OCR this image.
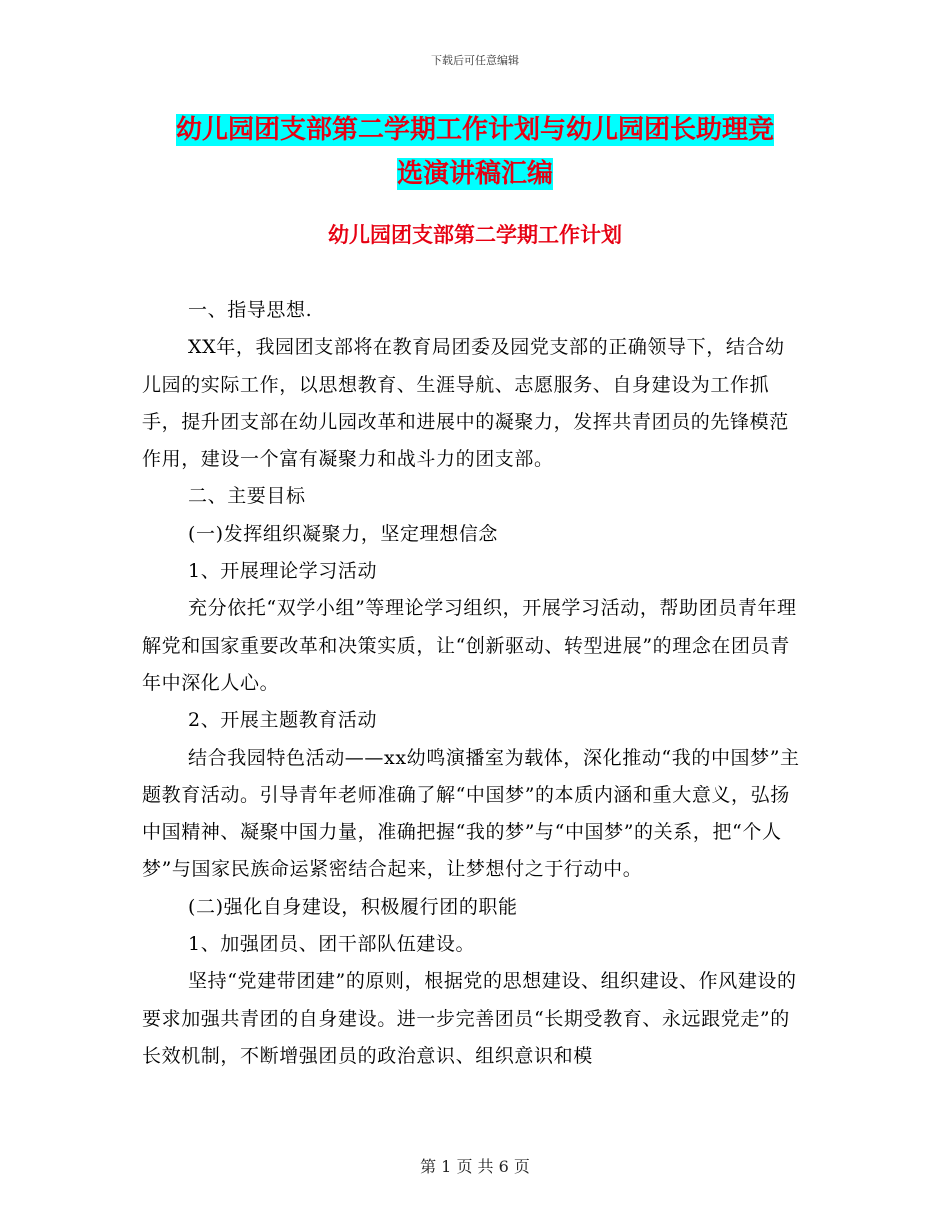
下载后可任意编辑
幼儿园团支部第二学期工作计划与幼儿园团长助理竞
选演讲稿汇编
幼儿园团支部第二学期工作计划

一、指导思想.

XX年，我园团支部将在教育局团委及园党支部的正确领导下，结合幼儿园的实际工作，以思想教育、生涯导航、志愿服务、自身建设为工作抓手，提升团支部在幼儿园改革和进展中的凝聚力，发挥共青团员的先锋模范作用，建设一个富有凝聚力和战斗力的团支部。

二、主要目标

(一)发挥组织凝聚力，坚定理想信念

1、开展理论学习活动

充分依托“双学小组”等理论学习组织，开展学习活动，帮助团员青年理解党和国家重要改革和决策实质，让“创新驱动、转型进展”的理念在团员青年中深化人心。

2、开展主题教育活动

结合我园特色活动——xx幼鸣演播室为载体，深化推动“我的中国梦”主题教育活动。引导青年老师准确了解“中国梦”的本质内涵和重大意义，弘扬中国精神、凝聚中国力量，准确把握“我的梦”与“中国梦”的关系，把“个人梦”与国家民族命运紧密结合起来，让梦想付之于行动中。

(二)强化自身建设，积极履行团的职能

1、加强团员、团干部队伍建设。

坚持“党建带团建”的原则，根据党的思想建设、组织建设、作风建设的要求加强共青团的自身建设。进一步完善团员“长期受教育、永远跟党走”的长效机制，不断增强团员的政治意识、组织意识和模

第 1 页 共 6 页
